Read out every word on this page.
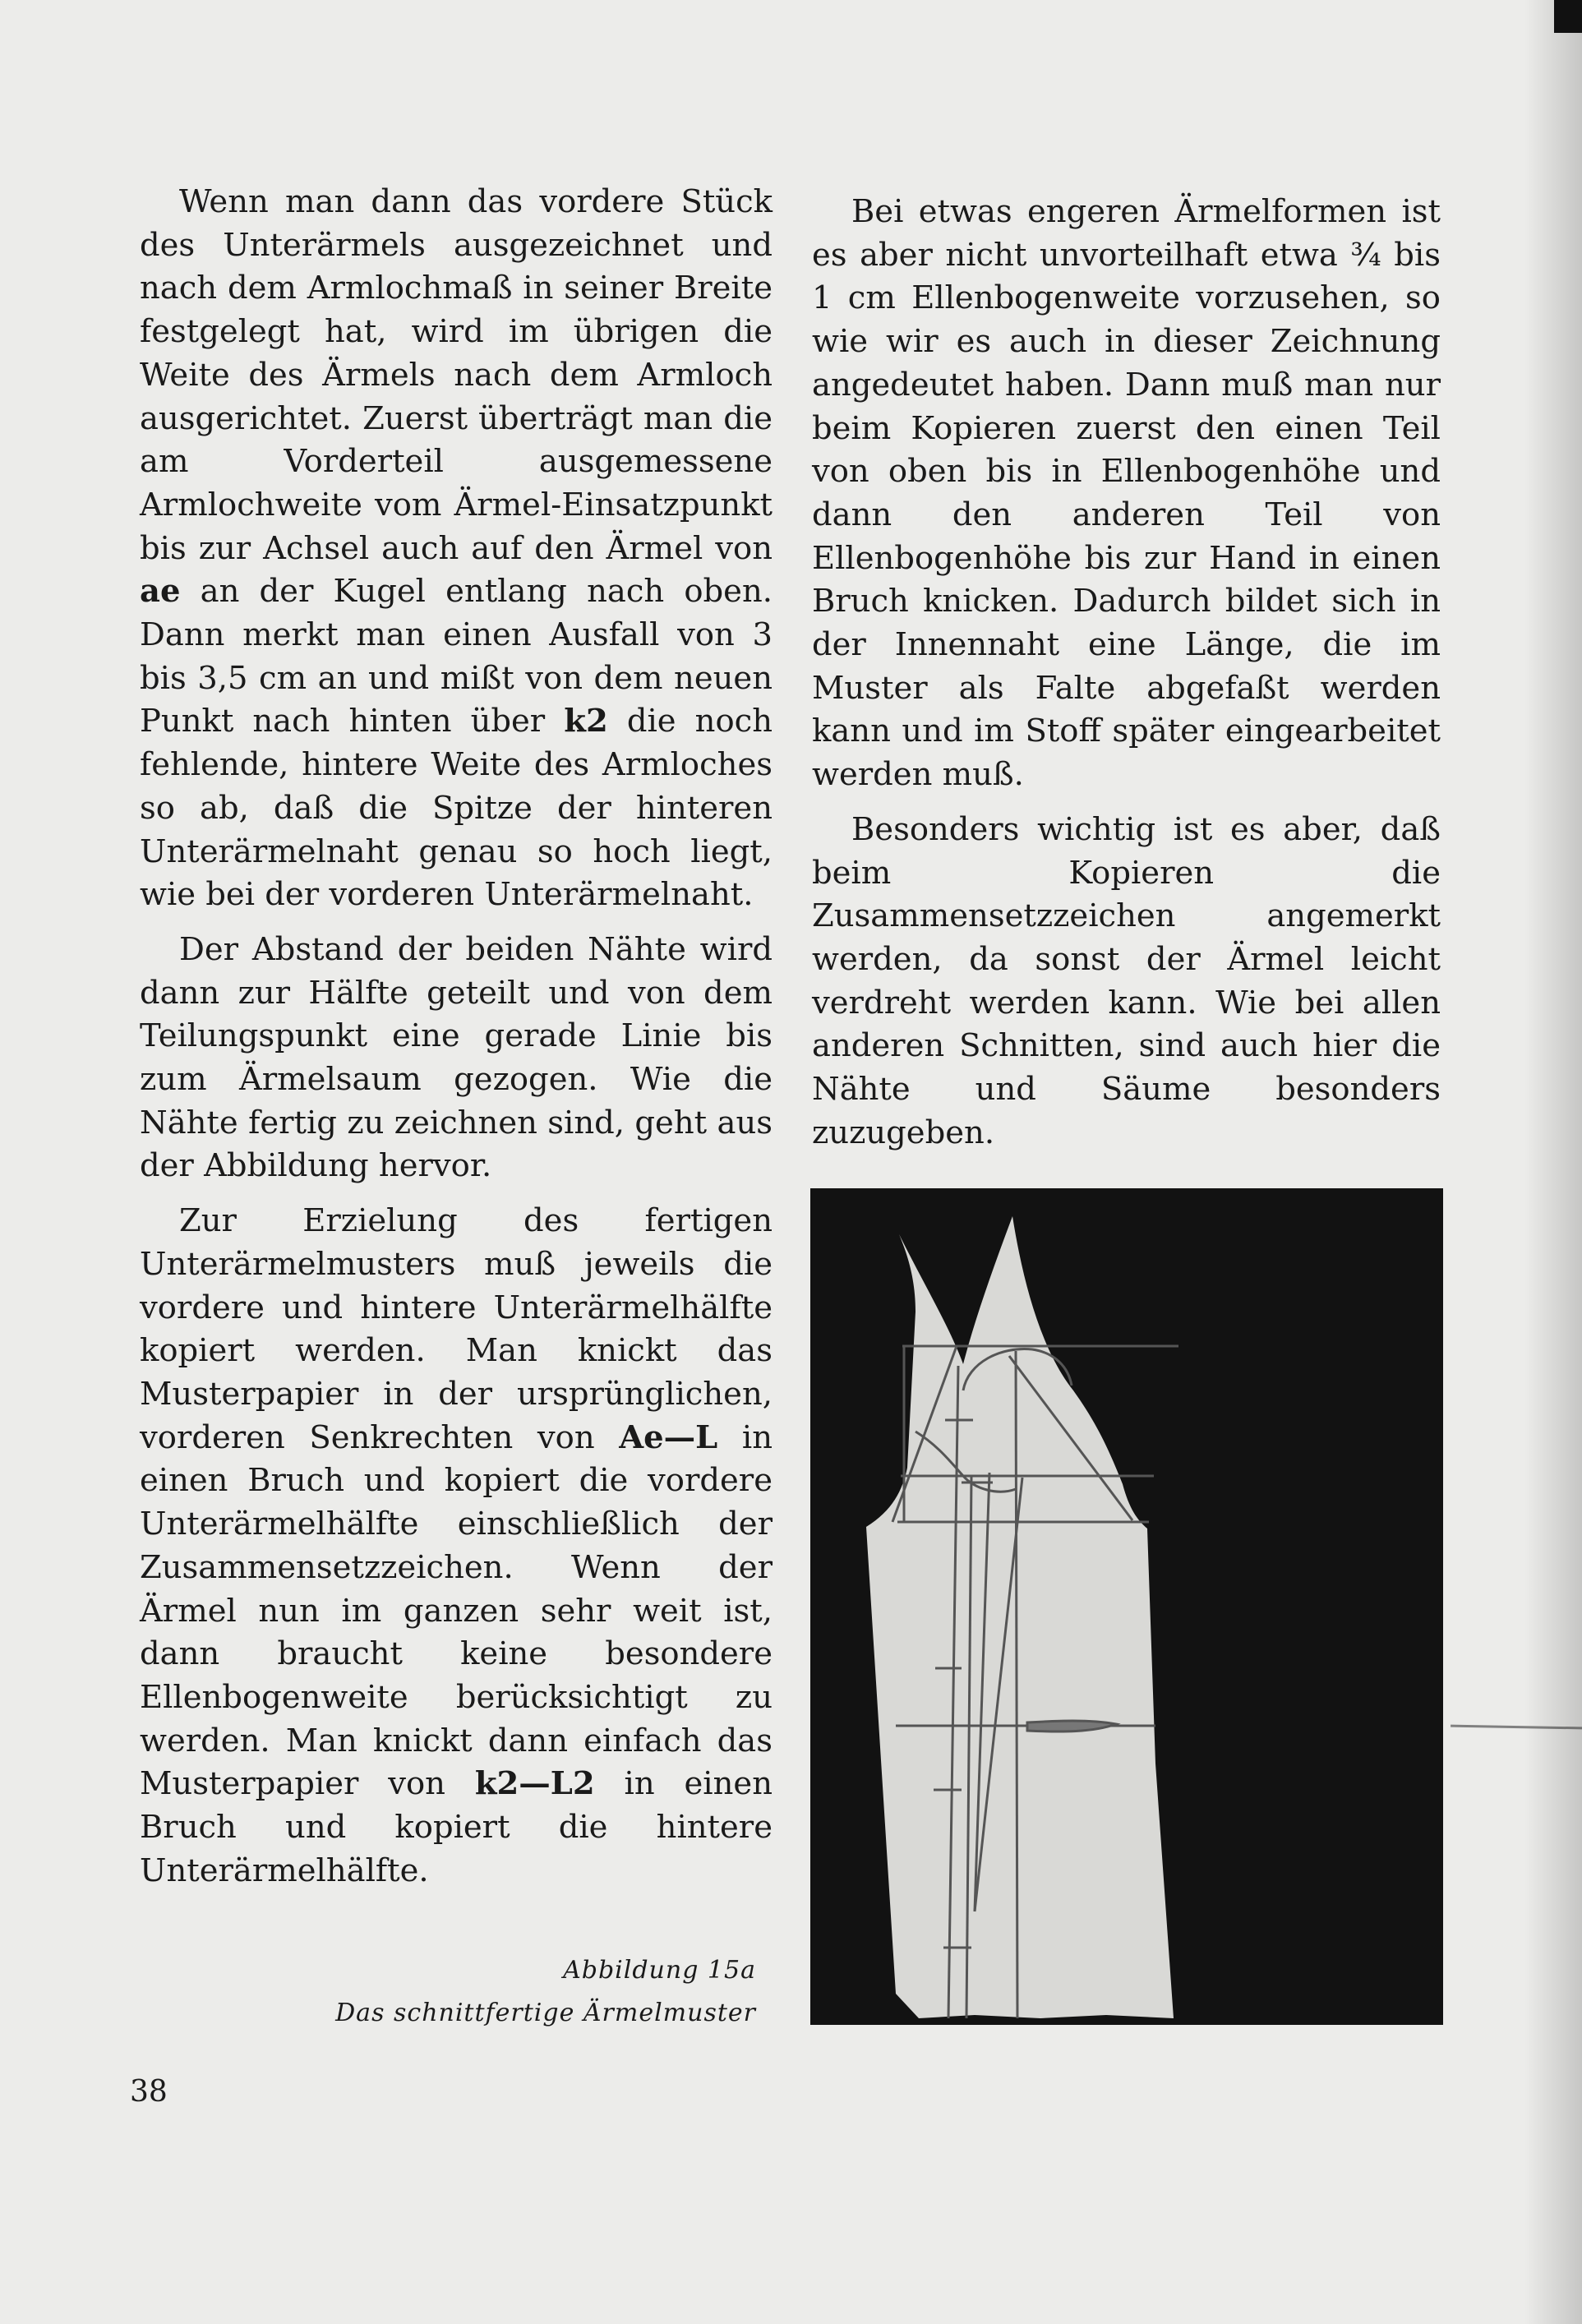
Wenn man dann das vordere Stück des Unterärmels ausgezeichnet und nach dem Armlochmaß in seiner Breite festgelegt hat, wird im übrigen die Weite des Ärmels nach dem Armloch ausgerichtet. Zuerst überträgt man die am Vorderteil ausgemessene Armlochweite vom Ärmel-Einsatzpunkt bis zur Achsel auch auf den Ärmel von ae an der Kugel entlang nach oben. Dann merkt man einen Ausfall von 3 bis 3,5 cm an und mißt von dem neuen Punkt nach hinten über k2 die noch fehlende, hintere Weite des Armloches so ab, daß die Spitze der hinteren Unterärmelnaht genau so hoch liegt, wie bei der vorderen Unterärmelnaht.

Der Abstand der beiden Nähte wird dann zur Hälfte geteilt und von dem Teilungspunkt eine gerade Linie bis zum Ärmelsaum gezogen. Wie die Nähte fertig zu zeichnen sind, geht aus der Abbildung hervor.

Zur Erzielung des fertigen Unterärmelmusters muß jeweils die vordere und hintere Unterärmelhälfte kopiert werden. Man knickt das Musterpapier in der ursprünglichen, vorderen Senkrechten von Ae—L in einen Bruch und kopiert die vordere Unterärmelhälfte einschließlich der Zusammensetzzeichen. Wenn der Ärmel nun im ganzen sehr weit ist, dann braucht keine besondere Ellenbogenweite berücksichtigt zu werden. Man knickt dann einfach das Musterpapier von k2—L2 in einen Bruch und kopiert die hintere Unterärmelhälfte.

Bei etwas engeren Ärmelformen ist es aber nicht unvorteilhaft etwa ¾ bis 1 cm Ellenbogenweite vorzusehen, so wie wir es auch in dieser Zeichnung angedeutet haben. Dann muß man nur beim Kopieren zuerst den einen Teil von oben bis in Ellenbogenhöhe und dann den anderen Teil von Ellenbogenhöhe bis zur Hand in einen Bruch knicken. Dadurch bildet sich in der Innennaht eine Länge, die im Muster als Falte abgefaßt werden kann und im Stoff später eingearbeitet werden muß.

Besonders wichtig ist es aber, daß beim Kopieren die Zusammensetzzeichen angemerkt werden, da sonst der Ärmel leicht verdreht werden kann. Wie bei allen anderen Schnitten, sind auch hier die Nähte und Säume besonders zuzugeben.

Abbildung 15a
Das schnittfertige Ärmelmuster
38
